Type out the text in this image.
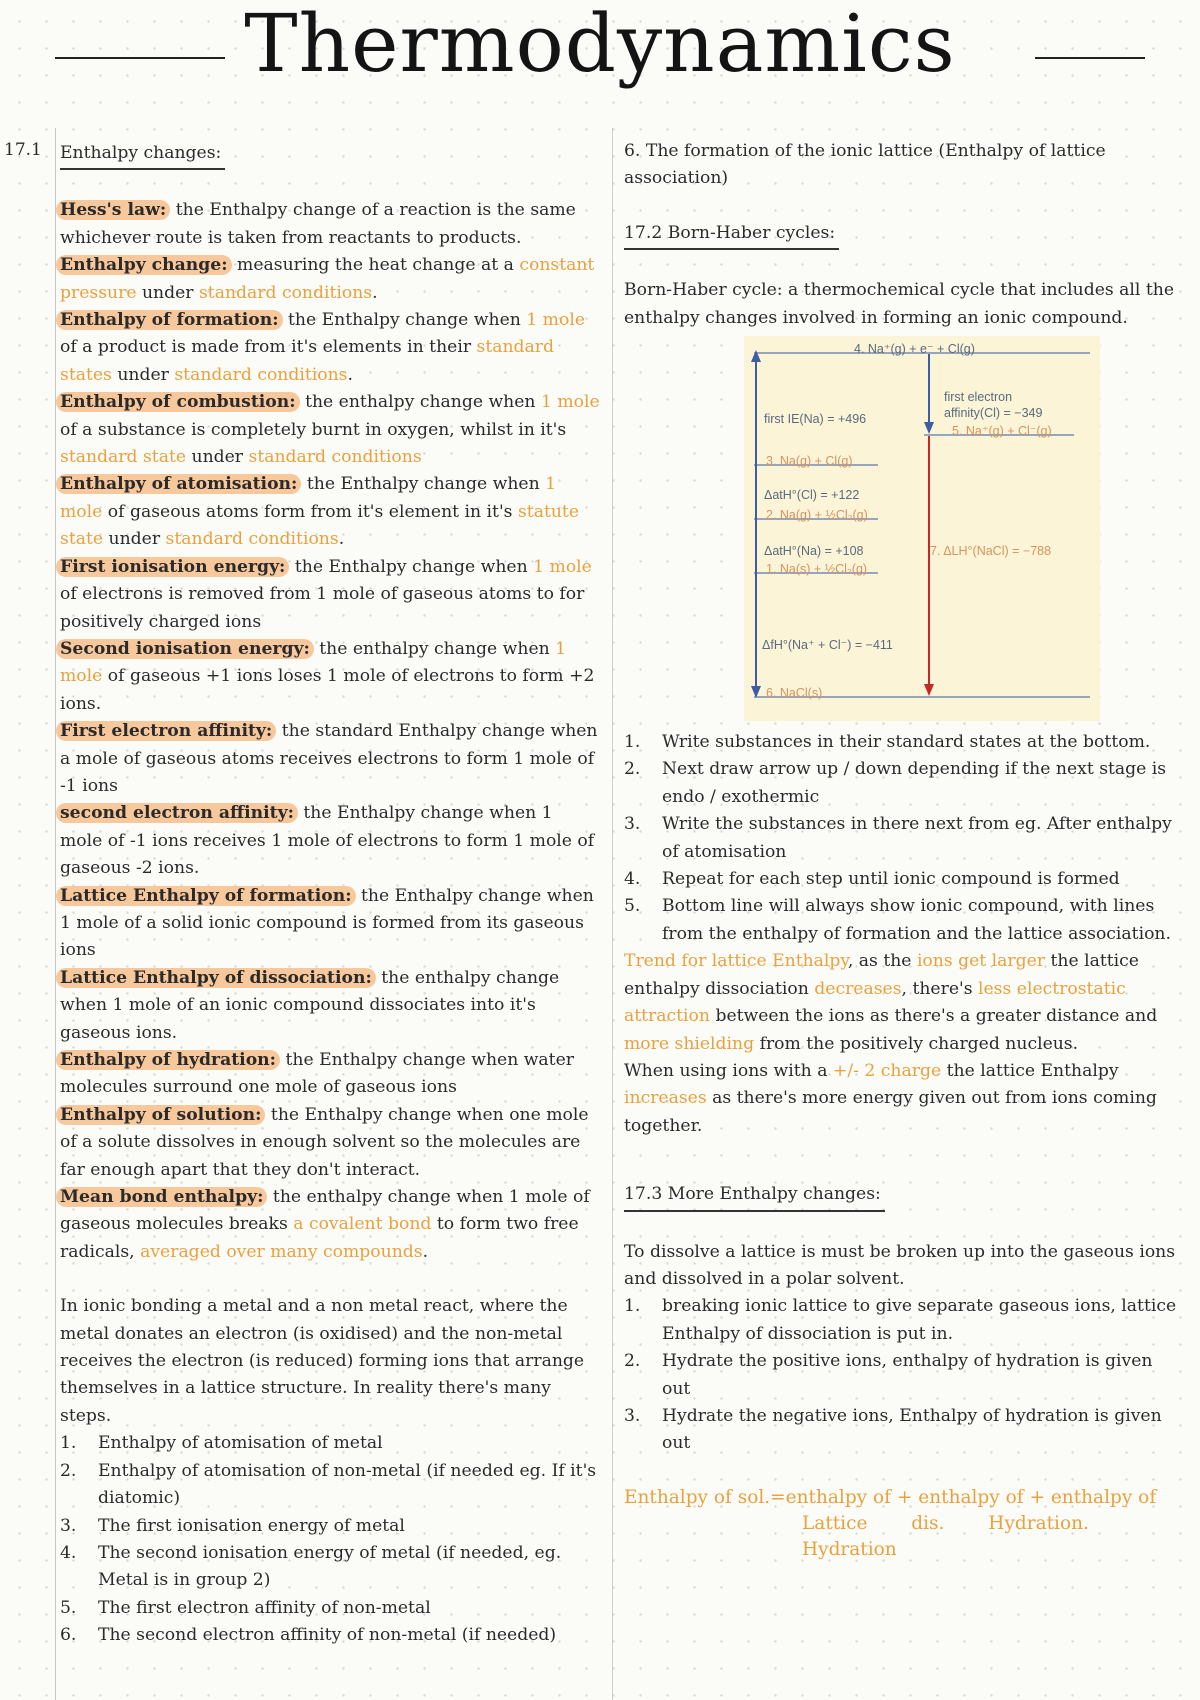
Thermodynamics
17.1 Enthalpy changes:

Hess's law: the Enthalpy change of a reaction is the same whichever route is taken from reactants to products.

Enthalpy change: measuring the heat change at a constant pressure under standard conditions.

Enthalpy of formation: the Enthalpy change when 1 mole of a product is made from it's elements in their standard states under standard conditions.

Enthalpy of combustion: the enthalpy change when 1 mole of a substance is completely burnt in oxygen, whilst in it's standard state under standard conditions

Enthalpy of atomisation: the Enthalpy change when 1 mole of gaseous atoms form from it's element in it's statute state under standard conditions.

First ionisation energy: the Enthalpy change when 1 mole of electrons is removed from 1 mole of gaseous atoms to for positively charged ions

Second ionisation energy: the enthalpy change when 1 mole of gaseous +1 ions loses 1 mole of electrons to form +2 ions.

First electron affinity: the standard Enthalpy change when a mole of gaseous atoms receives electrons to form 1 mole of -1 ions

second electron affinity: the Enthalpy change when 1 mole of -1 ions receives 1 mole of electrons to form 1 mole of gaseous -2 ions.

Lattice Enthalpy of formation: the Enthalpy change when 1 mole of a solid ionic compound is formed from its gaseous ions

Lattice Enthalpy of dissociation: the enthalpy change when 1 mole of an ionic compound dissociates into it's gaseous ions.

Enthalpy of hydration: the Enthalpy change when water molecules surround one mole of gaseous ions

Enthalpy of solution: the Enthalpy change when one mole of a solute dissolves in enough solvent so the molecules are far enough apart that they don't interact.

Mean bond enthalpy: the enthalpy change when 1 mole of gaseous molecules breaks a covalent bond to form two free radicals, averaged over many compounds.

In ionic bonding a metal and a non metal react, where the metal donates an electron (is oxidised) and the non-metal receives the electron (is reduced) forming ions that arrange themselves in a lattice structure. In reality there's many steps.

1. Enthalpy of atomisation of metal
2. Enthalpy of atomisation of non-metal (if needed eg. If it's diatomic)
3. The first ionisation energy of metal
4. The second ionisation energy of metal (if needed, eg. Metal is in group 2)
5. The first electron affinity of non-metal
6. The second electron affinity of non-metal (if needed)

6. The formation of the ionic lattice (Enthalpy of lattice association)

17.2 Born-Haber cycles:

Born-Haber cycle: a thermochemical cycle that includes all the enthalpy changes involved in forming an ionic compound.

4. Na⁺(g) + e⁻ + Cl(g)
first IE(Na) = +496
first electron
affinity(Cl) = −349
5. Na⁺(g) + Cl⁻(g)
3. Na(g) + Cl(g)
ΔatH°(Cl) = +122
2. Na(g) + ½Cl₂(g)
ΔatH°(Na) = +108
1. Na(s) + ½Cl₂(g)
7. ΔLH°(NaCl) = −788
ΔfH°(Na⁺ + Cl⁻) = −411
6. NaCl(s)
1. Write substances in their standard states at the bottom.
2. Next draw arrow up / down depending if the next stage is endo / exothermic
3. Write the substances in there next from eg. After enthalpy of atomisation
4. Repeat for each step until ionic compound is formed
5. Bottom line will always show ionic compound, with lines from the enthalpy of formation and the lattice association.

Trend for lattice Enthalpy, as the ions get larger the lattice enthalpy dissociation decreases, there's less electrostatic attraction between the ions as there's a greater distance and more shielding from the positively charged nucleus.

When using ions with a +/- 2 charge the lattice Enthalpy increases as there's more energy given out from ions coming together.

17.3 More Enthalpy changes:

To dissolve a lattice is must be broken up into the gaseous ions and dissolved in a polar solvent.

1. breaking ionic lattice to give separate gaseous ions, lattice Enthalpy of dissociation is put in.
2. Hydrate the positive ions, enthalpy of hydration is given out
3. Hydrate the negative ions, Enthalpy of hydration is given out
Enthalpy of sol.=enthalpy of + enthalpy of + enthalpy of
Lattice dis. Hydration. Hydration
